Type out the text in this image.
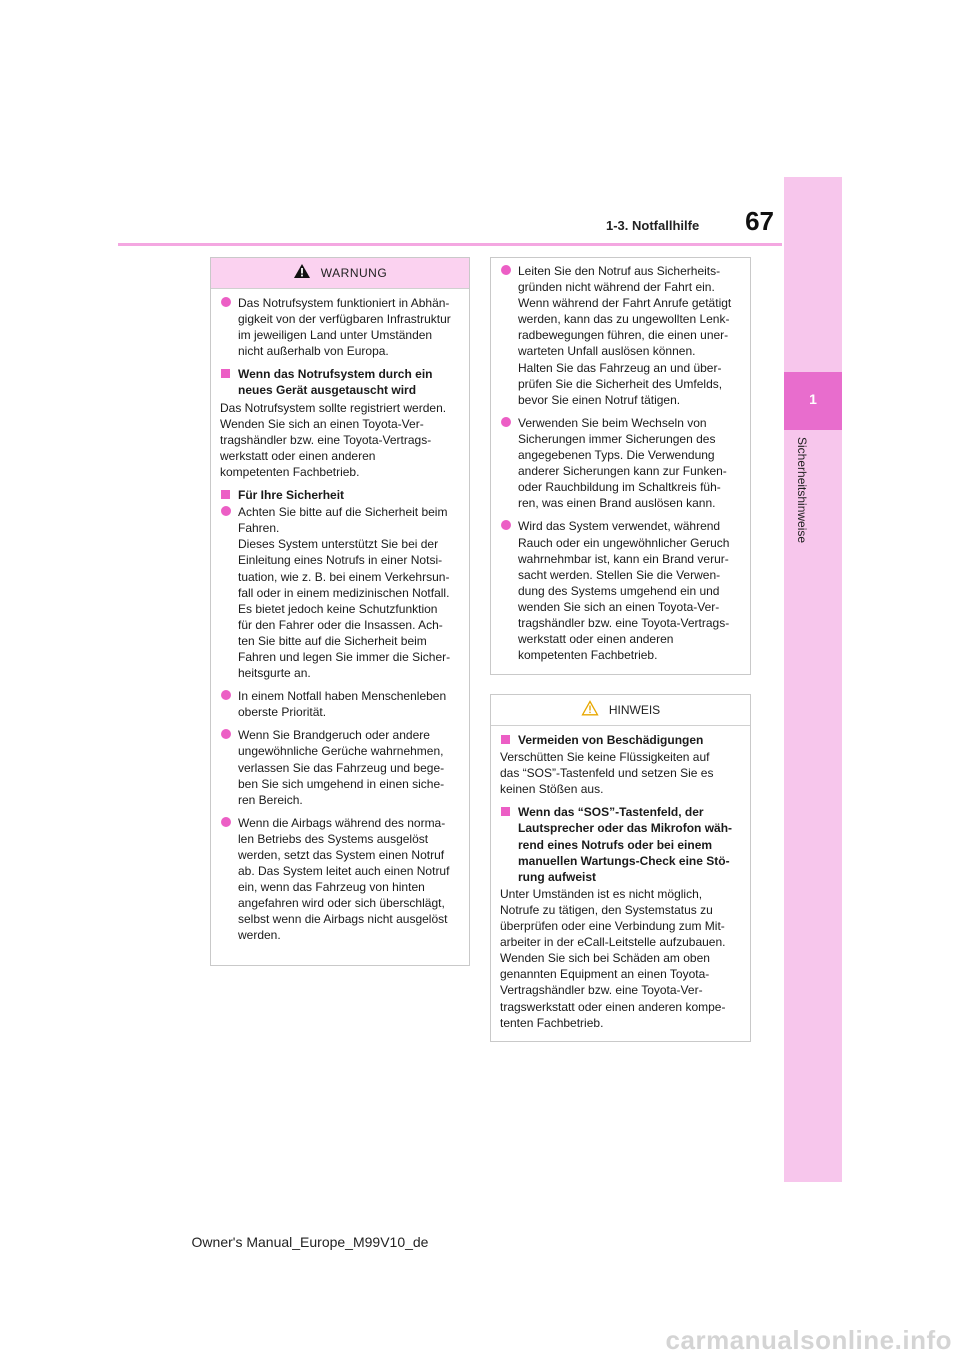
1-3. Notfallhilfe 67
1
Sicherheitshinweise
WARNUNG
Das Notrufsystem funktioniert in Abhän-
gigkeit von der verfügbaren Infrastruktur
im jeweiligen Land unter Umständen
nicht außerhalb von Europa.
Wenn das Notrufsystem durch ein
neues Gerät ausgetauscht wird
Das Notrufsystem sollte registriert werden.
Wenden Sie sich an einen Toyota-Ver-
tragshändler bzw. eine Toyota-Vertrags-
werkstatt oder einen anderen
kompetenten Fachbetrieb.
Für Ihre Sicherheit
Achten Sie bitte auf die Sicherheit beim
Fahren.
Dieses System unterstützt Sie bei der
Einleitung eines Notrufs in einer Notsi-
tuation, wie z. B. bei einem Verkehrsun-
fall oder in einem medizinischen Notfall.
Es bietet jedoch keine Schutzfunktion
für den Fahrer oder die Insassen. Ach-
ten Sie bitte auf die Sicherheit beim
Fahren und legen Sie immer die Sicher-
heitsgurte an.
In einem Notfall haben Menschenleben
oberste Priorität.
Wenn Sie Brandgeruch oder andere
ungewöhnliche Gerüche wahrnehmen,
verlassen Sie das Fahrzeug und bege-
ben Sie sich umgehend in einen siche-
ren Bereich.
Wenn die Airbags während des norma-
len Betriebs des Systems ausgelöst
werden, setzt das System einen Notruf
ab. Das System leitet auch einen Notruf
ein, wenn das Fahrzeug von hinten
angefahren wird oder sich überschlägt,
selbst wenn die Airbags nicht ausgelöst
werden.
Leiten Sie den Notruf aus Sicherheits-
gründen nicht während der Fahrt ein.
Wenn während der Fahrt Anrufe getätigt
werden, kann das zu ungewollten Lenk-
radbewegungen führen, die einen uner-
warteten Unfall auslösen können.
Halten Sie das Fahrzeug an und über-
prüfen Sie die Sicherheit des Umfelds,
bevor Sie einen Notruf tätigen.
Verwenden Sie beim Wechseln von
Sicherungen immer Sicherungen des
angegebenen Typs. Die Verwendung
anderer Sicherungen kann zur Funken-
oder Rauchbildung im Schaltkreis füh-
ren, was einen Brand auslösen kann.
Wird das System verwendet, während
Rauch oder ein ungewöhnlicher Geruch
wahrnehmbar ist, kann ein Brand verur-
sacht werden. Stellen Sie die Verwen-
dung des Systems umgehend ein und
wenden Sie sich an einen Toyota-Ver-
tragshändler bzw. eine Toyota-Vertrags-
werkstatt oder einen anderen
kompetenten Fachbetrieb.
HINWEIS
Vermeiden von Beschädigungen
Verschütten Sie keine Flüssigkeiten auf
das “SOS”-Tastenfeld und setzen Sie es
keinen Stößen aus.
Wenn das “SOS”-Tastenfeld, der
Lautsprecher oder das Mikrofon wäh-
rend eines Notrufs oder bei einem
manuellen Wartungs-Check eine Stö-
rung aufweist
Unter Umständen ist es nicht möglich,
Notrufe zu tätigen, den Systemstatus zu
überprüfen oder eine Verbindung zum Mit-
arbeiter in der eCall-Leitstelle aufzubauen.
Wenden Sie sich bei Schäden am oben
genannten Equipment an einen Toyota-
Vertragshändler bzw. eine Toyota-Ver-
tragswerkstatt oder einen anderen kompe-
tenten Fachbetrieb.
Owner's Manual_Europe_M99V10_de
carmanualsonline.info
